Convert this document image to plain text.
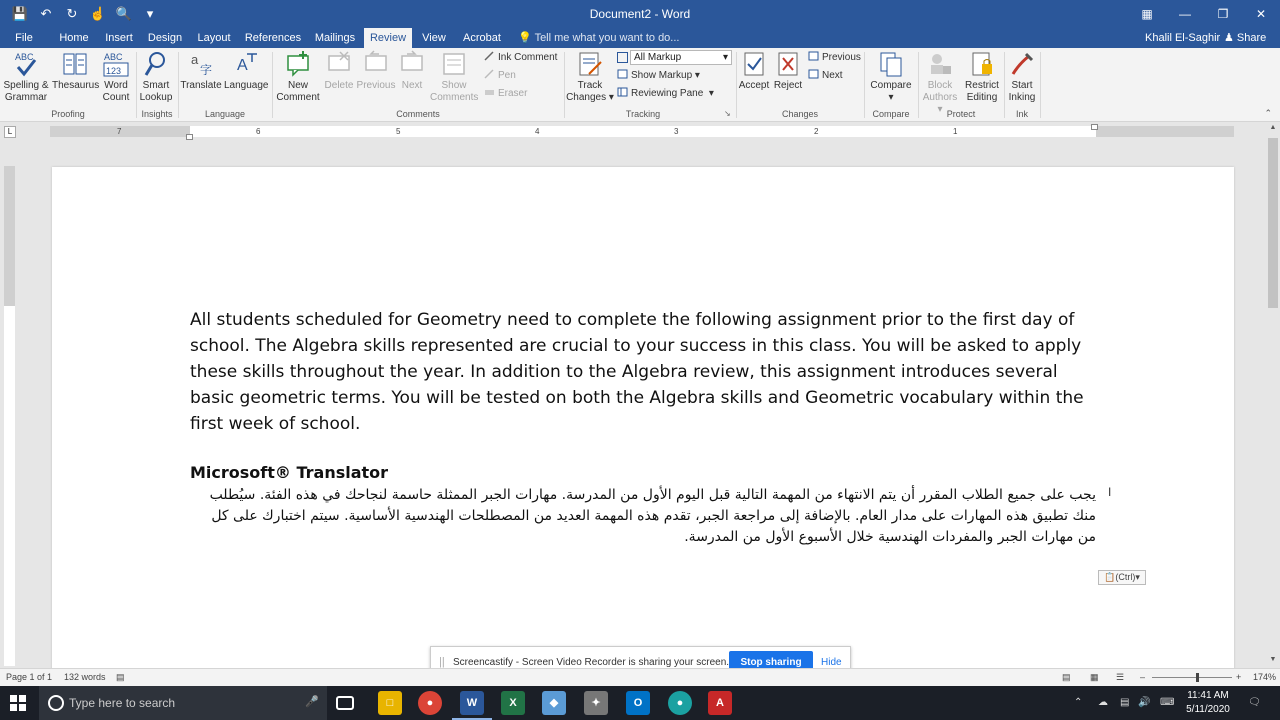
💾 ↶	↻ ☝ 🔍	▾	Document2 - Word	▦	—	❐	✕
File	Home	Insert Design Layout References Mailings	Review	View Acrobat 💡 Tell me what you want to do...	Khalil El-Saghir ♟ Share
ABC
Spelling &
Grammar
Thesaurus
ABC
123
Word
Count
Proofing
Smart
Lookup
Insights
a
字
Translate
A
Language
Language
New
Comment
Delete Previous Next	Show
Comments
Ink Comment
Pen
Eraser
Comments
Track
Changes ▾
All Markup	▾
Show Markup ▾
Reviewing Pane  ▾
Tracking	↘
Accept Reject
Previous
Next
Changes
Compare
▾
Compare
Block
Authors ▾
Restrict
Editing
Protect
Start
Inking
Ink	⌃
L	7	6	5	4	3	2	1
All students scheduled for Geometry need to complete the following assignment prior to the first day of school. The Algebra skills represented are crucial to your success in this class. You will be asked to apply these skills throughout the year. In addition to the Algebra review, this assignment introduces several basic geometric terms. You will be tested on both the Algebra skills and Geometric vocabulary within the first week of school.
Microsoft® Translator
يجب على جميع الطلاب المقرر أن يتم الانتهاء من المهمة التالية قبل اليوم الأول من المدرسة. مهارات الجبر الممثلة حاسمة لنجاحك في هذه الفئة. سيُطلب منك تطبيق هذه المهارات على مدار العام. بالإضافة إلى مراجعة الجبر، تقدم هذه المهمة العديد من المصطلحات الهندسية الأساسية. سيتم اختبارك على كل من مهارات الجبر والمفردات الهندسية خلال الأسبوع الأول من المدرسة.
📋(Ctrl)▾
I
▲
▼
|| Screencastify - Screen Video Recorder is sharing your screen.	Stop sharing	Hide
Page 1 of 1 132 words ▤	▤ ▦ ☰ –	+ 174%
Type here to search	🎤	□	●	W	X	◆	✦	O	●	A	⌃ ☁ ▤ 🔊 ⌨
11:41 AM
5/11/2020
🗨
